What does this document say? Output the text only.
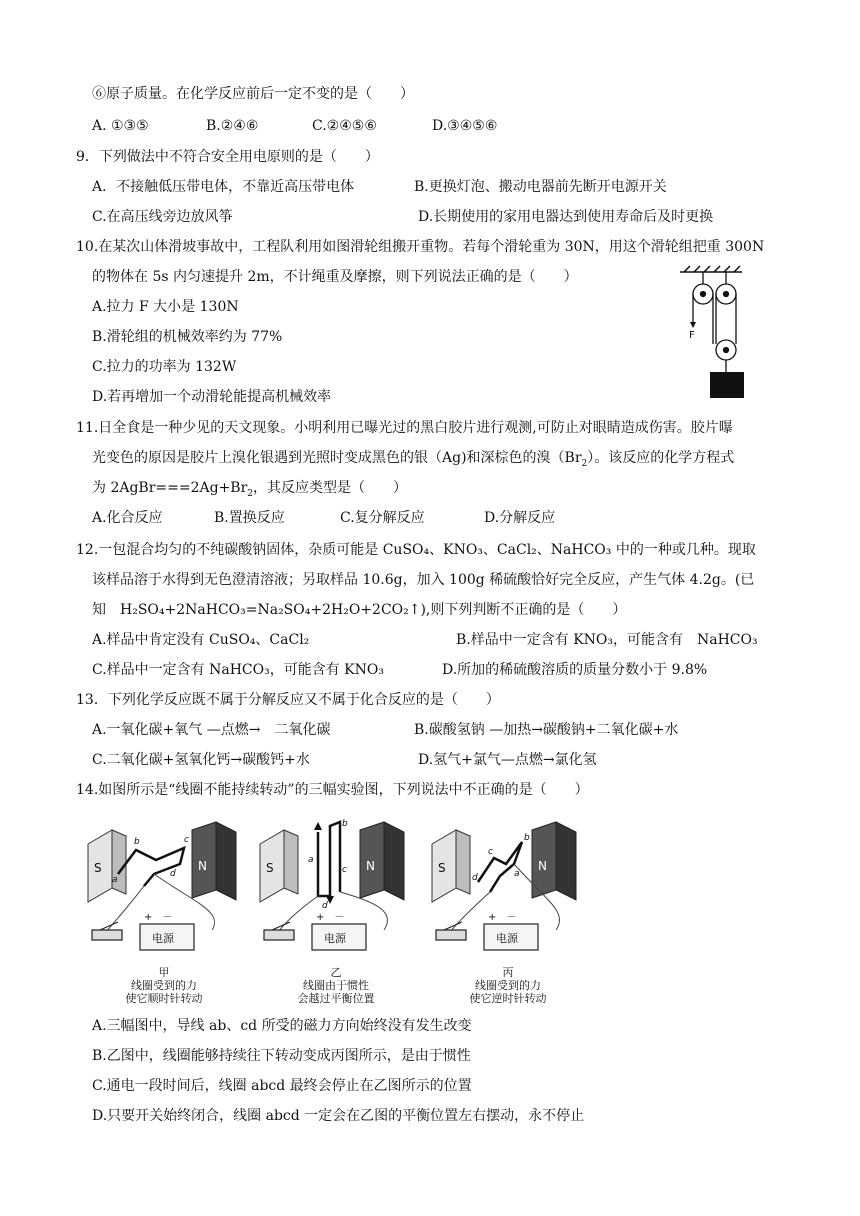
⑥原子质量。在化学反应前后一定不变的是（　　）
A. ①③⑤	B.②④⑥	C.②④⑤⑥	D.③④⑤⑥
9．下列做法中不符合安全用电原则的是（　　）
A．不接触低压带电体，不靠近高压带电体	B.更换灯泡、搬动电器前先断开电源开关
C.在高压线旁边放风筝	D.长期使用的家用电器达到使用寿命后及时更换
10.在某次山体滑坡事故中，工程队利用如图滑轮组搬开重物。若每个滑轮重为 30N，用这个滑轮组把重 300N
的物体在 5s 内匀速提升 2m，不计绳重及摩擦，则下列说法正确的是（　　）
A.拉力 F 大小是 130N
B.滑轮组的机械效率约为 77%
C.拉力的功率为 132W
D.若再增加一个动滑轮能提高机械效率
F
11.日全食是一种少见的天文现象。小明利用已曝光过的黑白胶片进行观测,可防止对眼睛造成伤害。胶片曝
光变色的原因是胶片上溴化银遇到光照时变成黑色的银（Ag)和深棕色的溴$(Br_2)$。该反应的化学方程式
为 $2AgBr===2Ag+Br_2$，其反应类型是（　　）
A.化合反应	B.置换反应	C.复分解反应	D.分解反应
12.一包混合均匀的不纯碳酸钠固体，杂质可能是 CuSO₄、KNO₃、CaCl₂、NaHCO₃ 中的一种或几种。现取
该样品溶于水得到无色澄清溶液；另取样品 10.6g，加入 100g 稀硫酸恰好完全反应，产生气体 4.2g。(已
知　H₂SO₄+2NaHCO₃=Na₂SO₄+2H₂O+2CO₂↑),则下列判断不正确的是（　　）
A.样品中肯定没有 CuSO₄、CaCl₂	B.样品中一定含有 KNO₃，可能含有　NaHCO₃
C.样品中一定含有 NaHCO₃，可能含有 KNO₃	D.所加的稀硫酸溶质的质量分数小于 9.8%
13．下列化学反应既不属于分解反应又不属于化合反应的是（　　）
A.一氧化碳+氧气 —点燃→　二氧化碳	B.碳酸氢钠 —加热→碳酸钠+二氧化碳+水
C.二氧化碳+氢氧化钙→碳酸钙+水	D.氢气+氯气—点燃→氯化氢
14.如图所示是“线圈不能持续转动”的三幅实验图，下列说法中不正确的是（　　）
S	N
b	c
a
d
+　－
电源
甲
线圈受到的力
使它顺时针转动
S	N
b
c
a
d
+　－
电源
乙
线圈由于惯性
会越过平衡位置
S	N
c
b
d	a
+　－
电源
丙
线圈受到的力
使它逆时针转动
A.三幅图中，导线 ab、cd 所受的磁力方向始终没有发生改变
B.乙图中，线圈能够持续往下转动变成丙图所示，是由于惯性
C.通电一段时间后，线圈 abcd 最终会停止在乙图所示的位置
D.只要开关始终闭合，线圈 abcd 一定会在乙图的平衡位置左右摆动，永不停止
